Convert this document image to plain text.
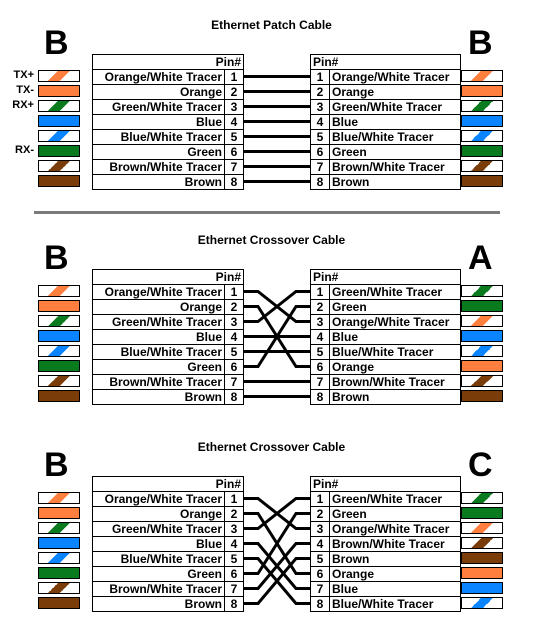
Ethernet Patch Cable
B	B
Pin#	
Orange/White Tracer	1
Orange	2
Green/White Tracer	3
Blue	4
Blue/White Tracer	5
Green	6
Brown/White Tracer	7
Brown	8
Pin#	
1	Orange/White Tracer
2	Orange
3	Green/White Tracer
4	Blue
5	Blue/White Tracer
6	Green
7	Brown/White Tracer
8	Brown
TX+
TX-
RX+
RX-
Ethernet Crossover Cable
B	A
Pin#	
Orange/White Tracer	1
Orange	2
Green/White Tracer	3
Blue	4
Blue/White Tracer	5
Green	6
Brown/White Tracer	7
Brown	8
Pin#	
1	Green/White Tracer
2	Green
3	Orange/White Tracer
4	Blue
5	Blue/White Tracer
6	Orange
7	Brown/White Tracer
8	Brown
Ethernet Crossover Cable
B	C
Pin#	
Orange/White Tracer	1
Orange	2
Green/White Tracer	3
Blue	4
Blue/White Tracer	5
Green	6
Brown/White Tracer	7
Brown	8
Pin#	
1	Green/White Tracer
2	Green
3	Orange/White Tracer
4	Brown/White Tracer
5	Brown
6	Orange
7	Blue
8	Blue/White Tracer
